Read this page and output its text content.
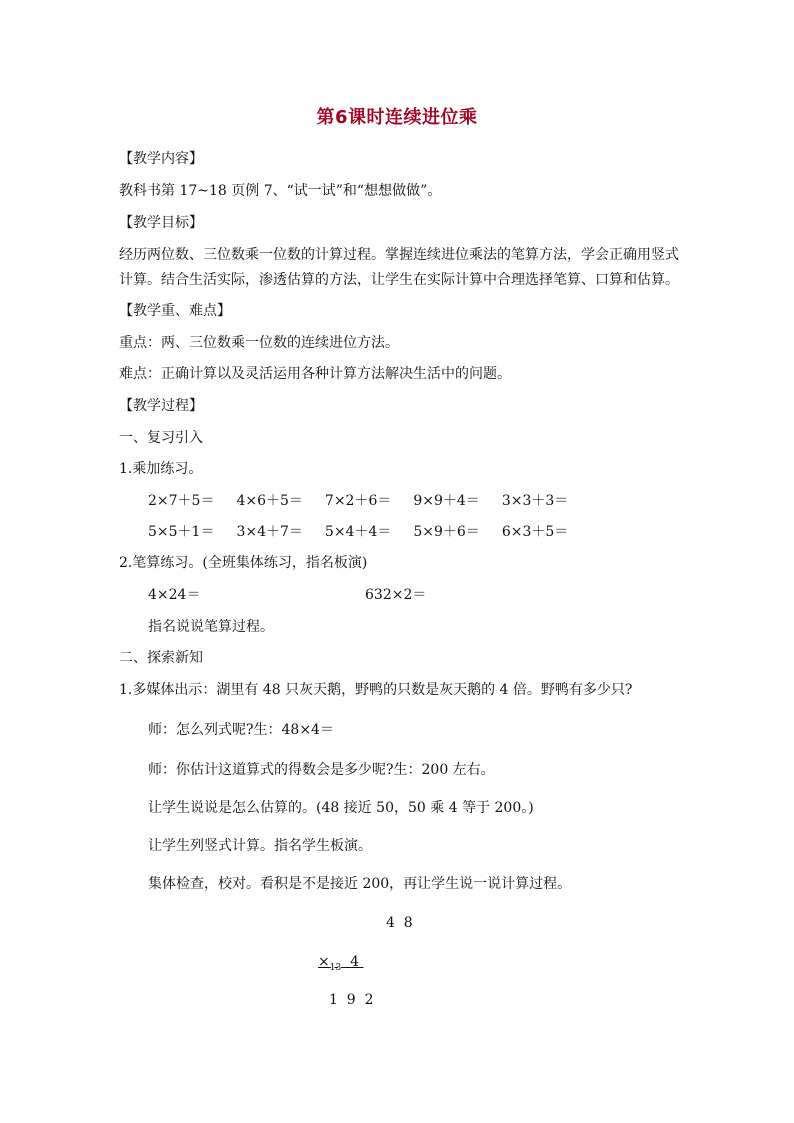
第6课时连续进位乘
【教学内容】
教科书第 17~18 页例 7、“试一试”和“想想做做”。
【教学目标】
经历两位数、三位数乘一位数的计算过程。掌握连续进位乘法的笔算方法，学会正确用竖式
计算。结合生活实际，渗透估算的方法，让学生在实际计算中合理选择笔算、口算和估算。
【教学重、难点】
重点：两、三位数乘一位数的连续进位方法。
难点：正确计算以及灵活运用各种计算方法解决生活中的问题。
【教学过程】
一、复习引入
1.乘加练习。
2×7＋5＝ 4×6＋5＝ 7×2＋6＝ 9×9＋4＝ 3×3＋3＝
5×5＋1＝ 3×4＋7＝ 5×4＋4＝ 5×9＋6＝ 6×3＋5＝
2.笔算练习。(全班集体练习，指名板演)
4×24＝	632×2＝
指名说说笔算过程。
二、探索新知
1.多媒体出示：湖里有 48 只灰天鹅，野鸭的只数是灰天鹅的 4 倍。野鸭有多少只?
师：怎么列式呢?生：48×4＝
师：你估计这道算式的得数会是多少呢?生：200 左右。
让学生说说是怎么估算的。(48 接近 50，50 乘 4 等于 200。)
让学生列竖式计算。指名学生板演。
集体检查，校对。看积是不是接近 200，再让学生说一说计算过程。
4  8
$\times_{13}$ 4
1  9  2
